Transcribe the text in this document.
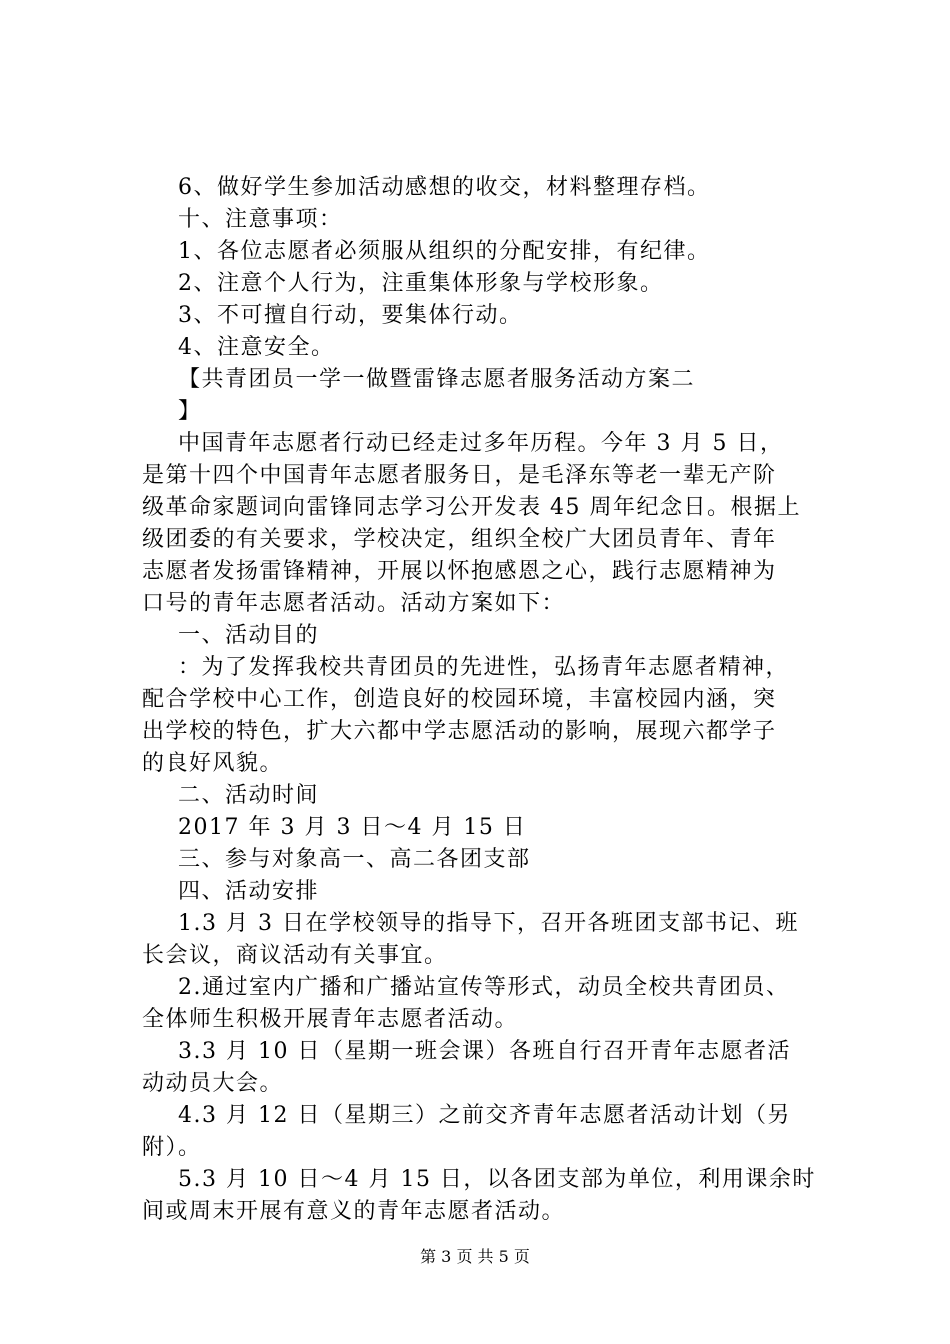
6、做好学生参加活动感想的收交，材料整理存档。
十、注意事项：
1、各位志愿者必须服从组织的分配安排，有纪律。
2、注意个人行为，注重集体形象与学校形象。
3、不可擅自行动，要集体行动。
4、注意安全。
【共青团员一学一做暨雷锋志愿者服务活动方案二
】
中国青年志愿者行动已经走过多年历程。今年 3 月 5 日，
是第十四个中国青年志愿者服务日，是毛泽东等老一辈无产阶
级革命家题词向雷锋同志学习公开发表 45 周年纪念日。根据上
级团委的有关要求，学校决定，组织全校广大团员青年、青年
志愿者发扬雷锋精神，开展以怀抱感恩之心，践行志愿精神为
口号的青年志愿者活动。活动方案如下：
一、活动目的
：为了发挥我校共青团员的先进性，弘扬青年志愿者精神，
配合学校中心工作，创造良好的校园环境，丰富校园内涵，突
出学校的特色，扩大六都中学志愿活动的影响，展现六都学子
的良好风貌。
二、活动时间
2017 年 3 月 3 日～4 月 15 日
三、参与对象高一、高二各团支部
四、活动安排
1.3 月 3 日在学校领导的指导下，召开各班团支部书记、班
长会议，商议活动有关事宜。
2.通过室内广播和广播站宣传等形式，动员全校共青团员、
全体师生积极开展青年志愿者活动。
3.3 月 10 日（星期一班会课）各班自行召开青年志愿者活
动动员大会。
4.3 月 12 日（星期三）之前交齐青年志愿者活动计划（另
附）。
5.3 月 10 日～4 月 15 日，以各团支部为单位，利用课余时
间或周末开展有意义的青年志愿者活动。
第 3 页 共 5 页
